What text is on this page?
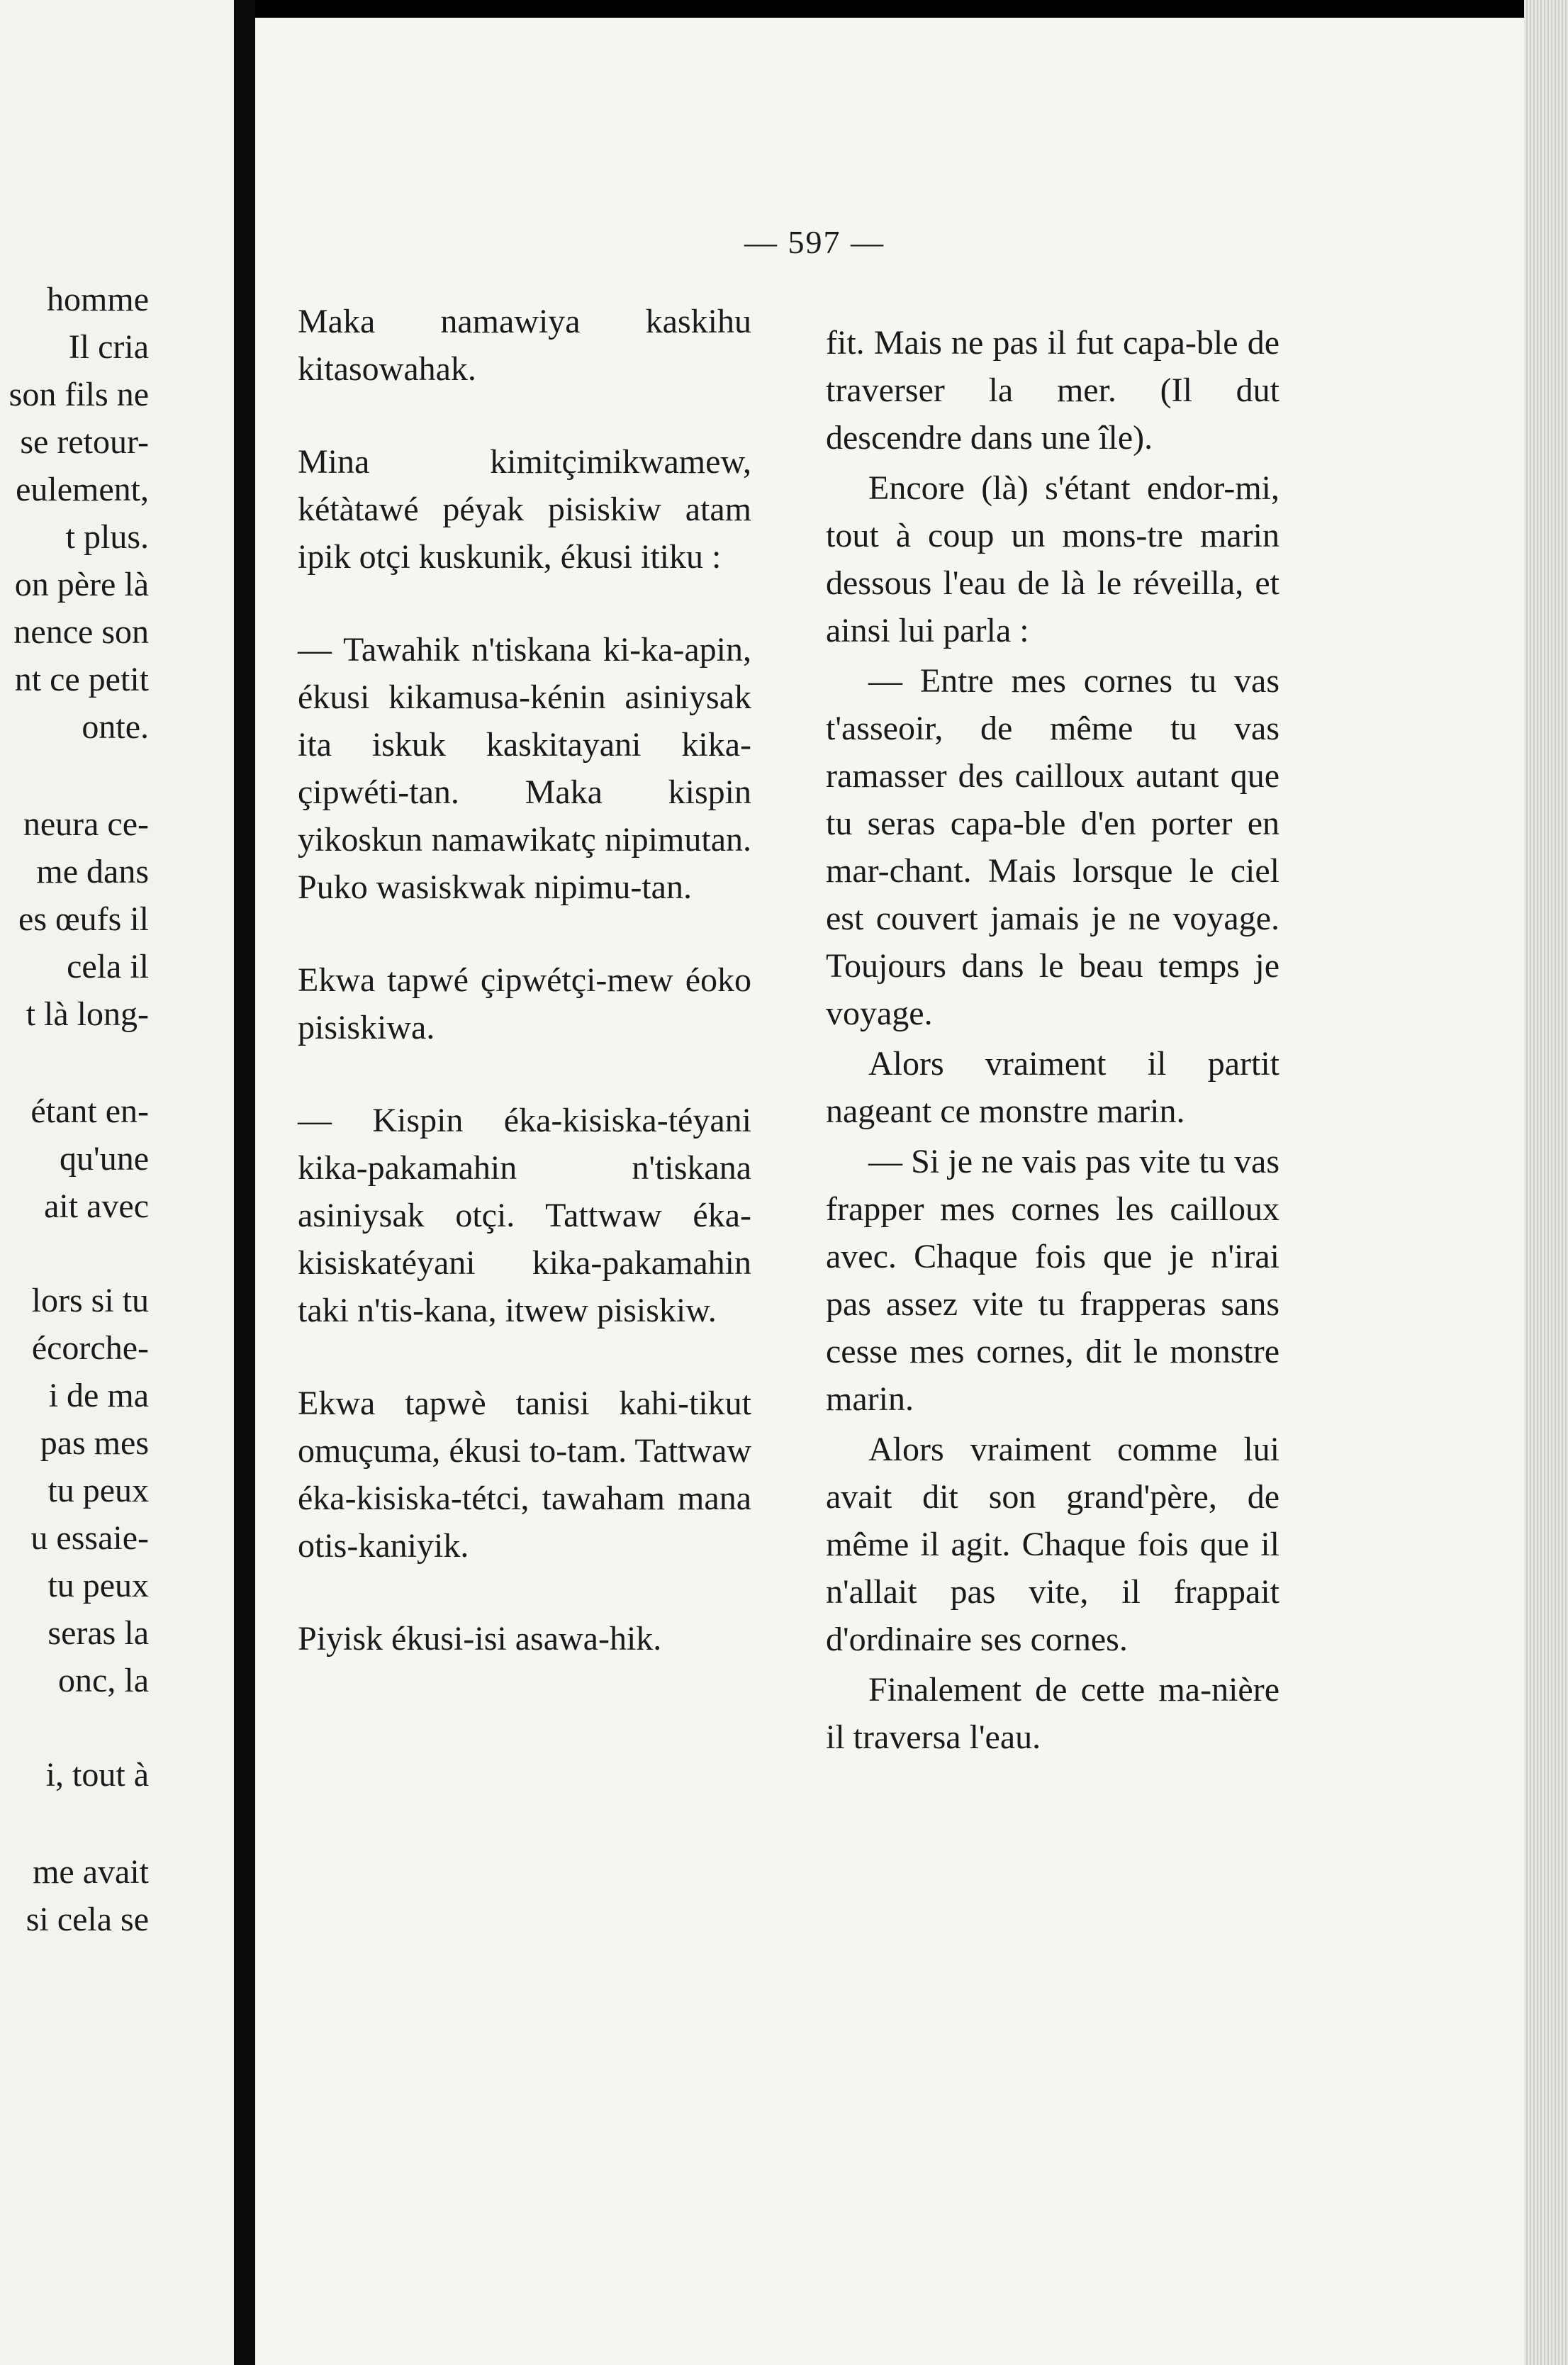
homme
Il cria
son fils ne
se retour-
eulement,
t plus.
on père là
nence son
nt ce petit
onte.
neura ce-
me dans
es œufs il
cela il
t là long-
étant en-
qu'une
ait avec
lors si tu
écorche-
i de ma
pas mes
tu peux
u essaie-
tu peux
seras la
onc, la
i, tout à
me avait
si cela se
— 597 —

Maka namawiya kaskihu kitasowahak.

Mina kimitçimikwamew, kétàtawé péyak pisiskiw atam ipik otçi kuskunik, ékusi itiku :

— Tawahik n'tiskana ki-ka-apin, ékusi kikamusa-kénin asiniysak ita iskuk kaskitayani kika-çipwéti-tan. Maka kispin yikoskun namawikatç nipimutan. Puko wasiskwak nipimu-tan.

Ekwa tapwé çipwétçi-mew éoko pisiskiwa.

— Kispin éka-kisiska-téyani kika-pakamahin n'tiskana asiniysak otçi. Tattwaw éka-kisiskatéyani kika-pakamahin taki n'tis-kana, itwew pisiskiw.

Ekwa tapwè tanisi kahi-tikut omuçuma, ékusi to-tam. Tattwaw éka-kisiska-tétci, tawaham mana otis-kaniyik.

Piyisk ékusi-isi asawa-hik.

fit. Mais ne pas il fut capa-ble de traverser la mer. (Il dut descendre dans une île).

Encore (là) s'étant endor-mi, tout à coup un mons-tre marin dessous l'eau de là le réveilla, et ainsi lui parla :

— Entre mes cornes tu vas t'asseoir, de même tu vas ramasser des cailloux autant que tu seras capa-ble d'en porter en mar-chant. Mais lorsque le ciel est couvert jamais je ne voyage. Toujours dans le beau temps je voyage.

Alors vraiment il partit nageant ce monstre marin.

— Si je ne vais pas vite tu vas frapper mes cornes les cailloux avec. Chaque fois que je n'irai pas assez vite tu frapperas sans cesse mes cornes, dit le monstre marin.

Alors vraiment comme lui avait dit son grand'père, de même il agit. Chaque fois que il n'allait pas vite, il frappait d'ordinaire ses cornes.

Finalement de cette ma-nière il traversa l'eau.
